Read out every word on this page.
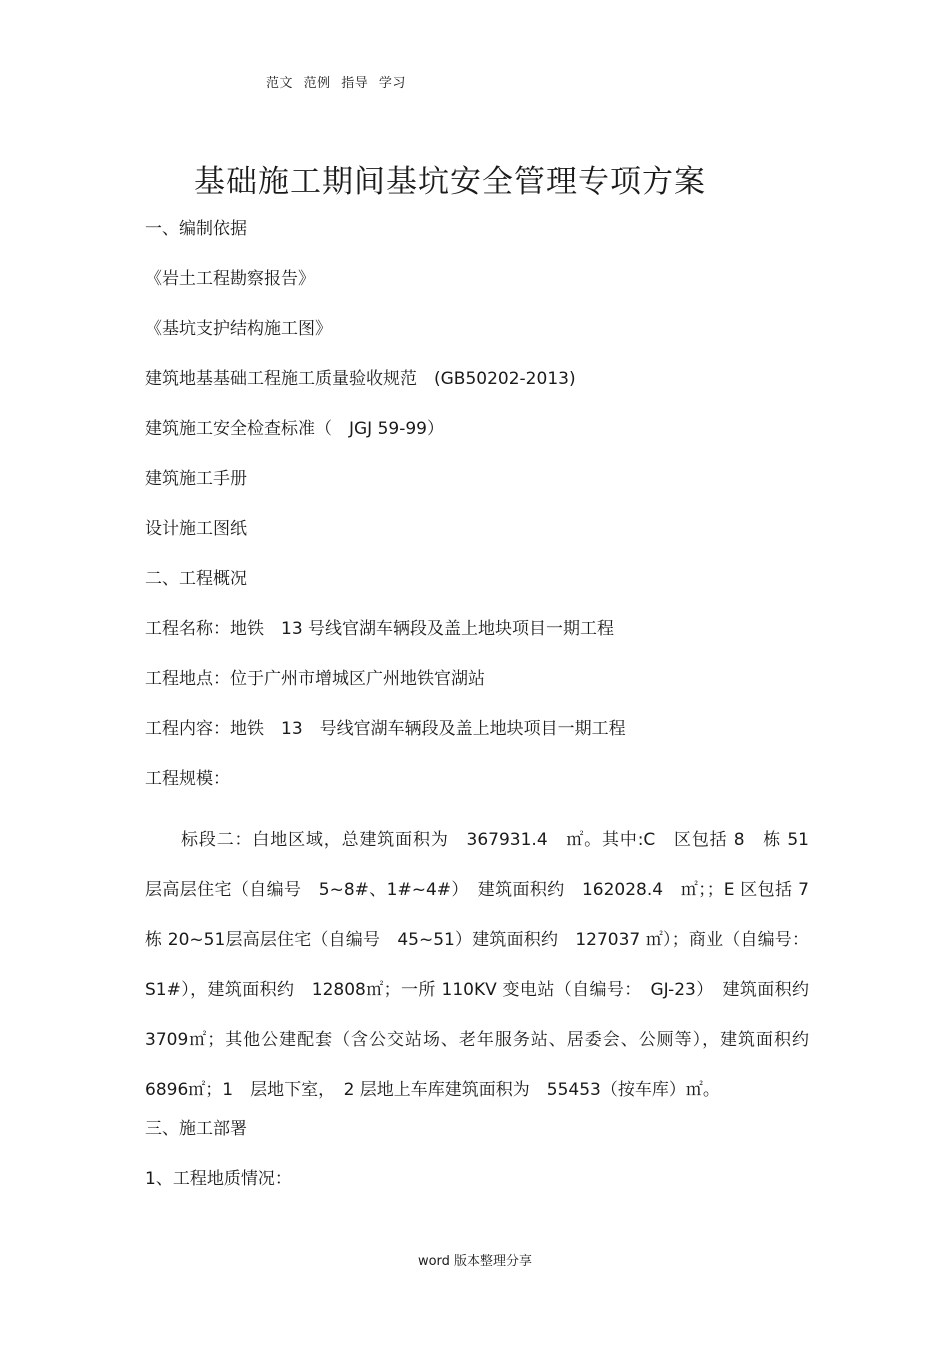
范文 范例 指导 学习
基础施工期间基坑安全管理专项方案
一、编制依据
《岩土工程勘察报告》
《基坑支护结构施工图》
建筑地基基础工程施工质量验收规范　(GB50202-2013)
建筑施工安全检查标准（　JGJ 59-99）
建筑施工手册
设计施工图纸
二、工程概况
工程名称：地铁　13 号线官湖车辆段及盖上地块项目一期工程
工程地点：位于广州市增城区广州地铁官湖站
工程内容：地铁　13　号线官湖车辆段及盖上地块项目一期工程
工程规模：
标段二：白地区域，总建筑面积为　367931.4　㎡。其中:C　区包括 8　栋 51　层高层住宅（自编号　5~8#、1#~4#）　建筑面积约　162028.4　㎡；；E 区包括 7　栋 20~51层高层住宅（自编号　45~51）建筑面积约　127037 ㎡）；商业（自编号：S1#），建筑面积约　12808㎡；一所 110KV 变电站（自编号：　GJ-23）　建筑面积约 3709㎡；其他公建配套（含公交站场、老年服务站、居委会、公厕等），建筑面积约　6896㎡；1　层地下室，　2 层地上车库建筑面积为　55453（按车库）㎡。
三、施工部署
1、工程地质情况：
word 版本整理分享
